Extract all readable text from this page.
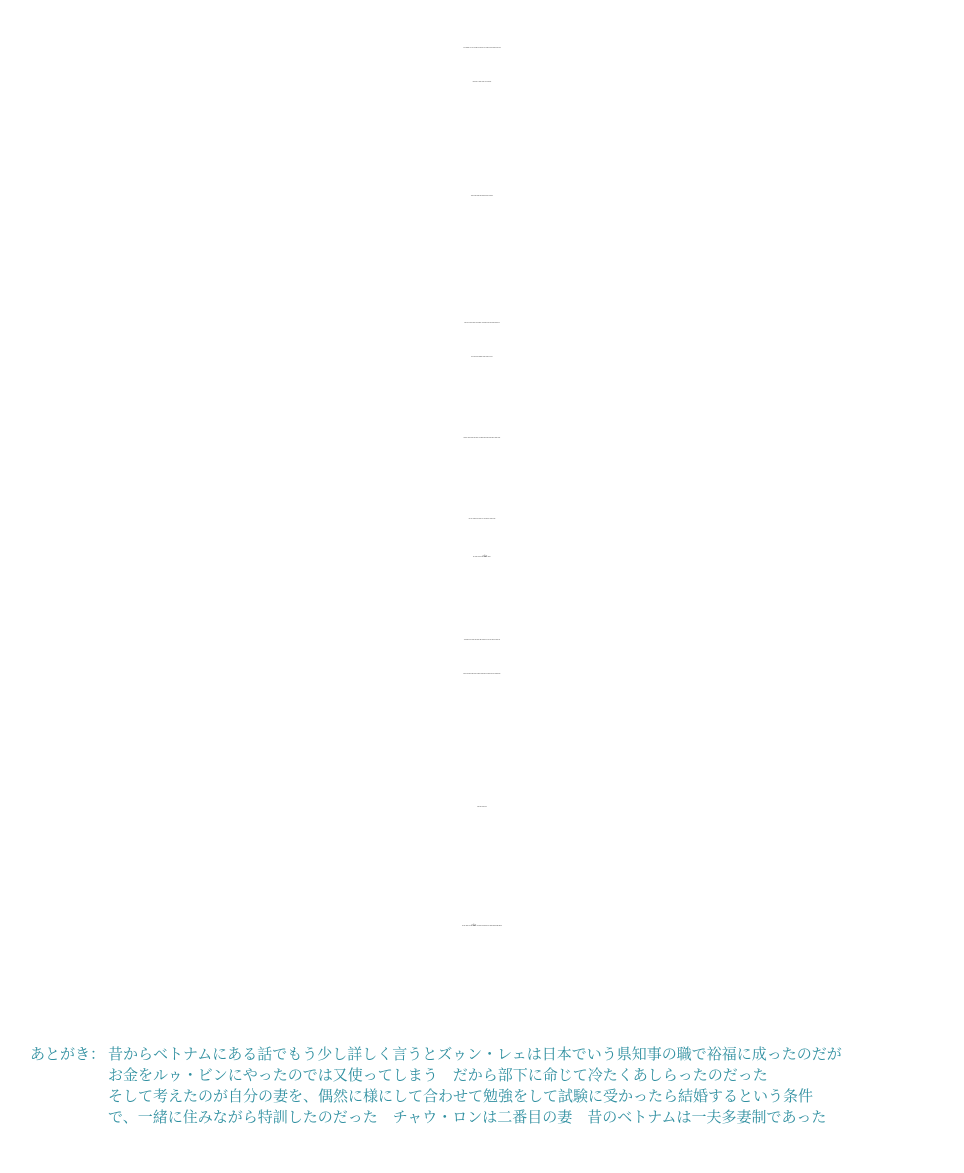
Anh mừng rỡ, vội về nhà để báo tin cho Châu Long nhưng cửa nhà
đóng kín, Châu Long đã biệt tăm.
Anh ngậm ngùi và thương nhớ vô vùng.
Sau khi ra làm quan, một hôm, Lưu Bình ghé đến nhà Dương Lễ
định để trách mắng người bạn bội bạc.
Nhưng, vừa bước vào nhà, Lưu Bình sững sờ nhìn thấy Châu Long.
Lúc ấy, Dương Lễ bước ra, giới thiệu Châu Long
là người vợ thứ của mình.
Lưu Bình hiểu ngay là trước đây Dương Lễ chỉ giả vờ xua đuổi để
khích chí mình rồi nhờ vợ thay mặt giúp đỡ mình ăn học thành tài.
Anh rất cảm kích.
Từ đó, tình bạn của Lưu Bình Và Dương Lễ càng thêm thắm thiết.
あとがき： 昔からベトナムにある話でもう少し詳しく言うとズゥン・レェは日本でいう県知事の職で裕福に成ったのだが
お金をルゥ・ビンにやったのでは又使ってしまう　だから部下に命じて冷たくあしらったのだった
そして考えたのが自分の妻を、偶然に様にして合わせて勉強をして試験に受かったら結婚するという条件
で、一緒に住みながら特訓したのだった　チャウ・ロンは二番目の妻　昔のベトナムは一夫多妻制であった
